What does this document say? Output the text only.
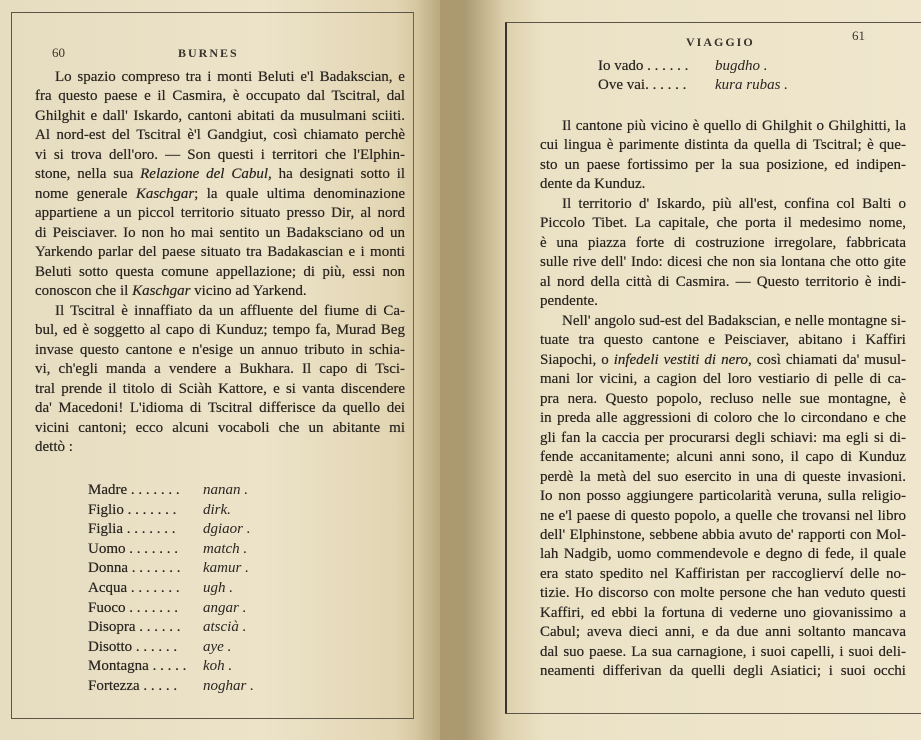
60	BURNES
VIAGGIO	61
Lo spazio compreso tra i monti Beluti e'l Badakscian, e
fra questo paese e il Casmira, è occupato dal Tscitral, dal
Ghilghit e dall' Iskardo, cantoni abitati da musulmani sciiti.
Al nord-est del Tscitral è'l Gandgiut, così chiamato perchè
vi si trova dell'oro. — Son questi i territori che l'Elphin-
stone, nella sua Relazione del Cabul, ha designati sotto il
nome generale Kaschgar; la quale ultima denominazione
appartiene a un piccol territorio situato presso Dir, al nord
di Peisciaver. Io non ho mai sentito un Badaksciano od un
Yarkendo parlar del paese situato tra Badakascian e i monti
Beluti sotto questa comune appellazione; di più, essi non
conoscon che il Kaschgar vicino ad Yarkend.
Il Tscitral è innaffiato da un affluente del fiume di Ca-
bul, ed è soggetto al capo di Kunduz; tempo fa, Murad Beg
invase questo cantone e n'esige un annuo tributo in schia-
vi, ch'egli manda a vendere a Bukhara. Il capo di Tsci-
tral prende il titolo di Sciàh Kattore, e si vanta discendere
da' Macedoni! L'idioma di Tscitral differisce da quello dei
vicini cantoni; ecco alcuni vocaboli che un abitante mi
dettò :
Madre . . . . . . . nanan .
Figlio . . . . . . . dirk.
Figlia . . . . . . . dgiaor .
Uomo . . . . . . . match .
Donna . . . . . . . kamur .
Acqua . . . . . . . ugh .
Fuoco . . . . . . . angar .
Disopra . . . . . . atscià .
Disotto . . . . . . aye .
Montagna . . . . . koh .
Fortezza . . . . . noghar .
Il cantone più vicino è quello di Ghilghit o Ghilghitti, la
cui lingua è parimente distinta da quella di Tscitral; è que-
sto un paese fortissimo per la sua posizione, ed indipen-
dente da Kunduz.
Il territorio d' Iskardo, più all'est, confina col Balti o
Piccolo Tibet. La capitale, che porta il medesimo nome,
è una piazza forte di costruzione irregolare, fabbricata
sulle rive dell' Indo: dicesi che non sia lontana che otto gite
al nord della città di Casmira. — Questo territorio è indi-
pendente.
Nell' angolo sud-est del Badakscian, e nelle montagne si-
tuate tra questo cantone e Peisciaver, abitano i Kaffiri
Siapochi, o infedeli vestiti di nero, così chiamati da' musul-
mani lor vicini, a cagion del loro vestiario di pelle di ca-
pra nera. Questo popolo, recluso nelle sue montagne, è
in preda alle aggressioni di coloro che lo circondano e che
gli fan la caccia per procurarsi degli schiavi: ma egli si di-
fende accanitamente; alcuni anni sono, il capo di Kunduz
perdè la metà del suo esercito in una di queste invasioni.
Io non posso aggiungere particolarità veruna, sulla religio-
ne e'l paese di questo popolo, a quelle che trovansi nel libro
dell' Elphinstone, sebbene abbia avuto de' rapporti con Mol-
lah Nadgib, uomo commendevole e degno di fede, il quale
era stato spedito nel Kaffiristan per raccoglierví delle no-
tizie. Ho discorso con molte persone che han veduto questi
Kaffiri, ed ebbi la fortuna di vederne uno giovanissimo a
Cabul; aveva dieci anni, e da due anni soltanto mancava
dal suo paese. La sua carnagione, i suoi capelli, i suoi deli-
neamenti differivan da quelli degli Asiatici; i suoi occhi
Io vado . . . . . . bugdho .
Ove vai. . . . . . kura rubas .
